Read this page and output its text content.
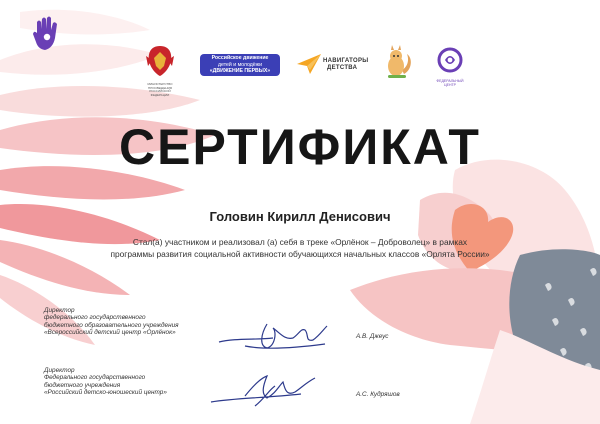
МИНИСТЕРСТВО ПРОСВЕЩЕНИЯ РОССИЙСКОЙ ФЕДЕРАЦИИ
Российское движение
детей и молодёжи
«ДВИЖЕНИЕ ПЕРВЫХ»
НАВИГАТОРЫ
ДЕТСТВА
ФЕДЕРАЛЬНЫЙ ЦЕНТР
СЕРТИФИКАТ
Головин Кирилл Денисович
Стал(а) участником и реализовал (а) себя в треке «Орлёнок – Доброволец» в рамках
программы развития социальной активности обучающихся начальных классов «Орлята России»
Директор
федерального государственного
бюджетного образовательного учреждения
«Всероссийский детский центр «Орлёнок»
А.В. Джеус
Директор
Федерального государственного
бюджетного учреждения
«Российский детско-юношеский центр»	А.С. Кудряшов
